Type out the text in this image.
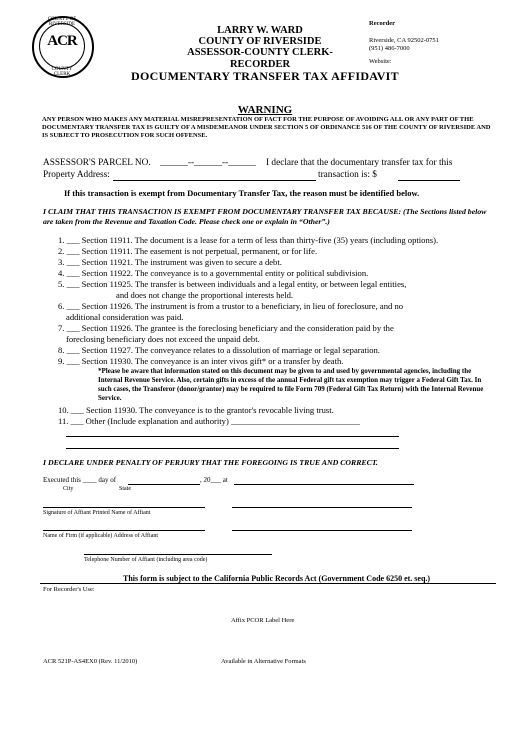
COUNTY OF RIVERSIDE
ACR
COUNTY CLERK
LARRY W. WARD
COUNTY OF RIVERSIDE
ASSESSOR-COUNTY CLERK-RECORDER
Recorder
Riverside, CA 92502-0751
(951) 486-7000
Website:
DOCUMENTARY TRANSFER TAX AFFIDAVIT
WARNING
ANY PERSON WHO MAKES ANY MATERIAL MISREPRESENTATION OF FACT FOR THE PURPOSE OF AVOIDING ALL OR ANY PART OF THE DOCUMENTARY TRANSFER TAX IS GUILTY OF A MISDEMEANOR UNDER SECTION 5 OF ORDINANCE 516 OF THE COUNTY OF RIVERSIDE AND IS SUBJECT TO PROSECUTION FOR SUCH OFFENSE.
ASSESSOR'S PARCEL NO. ______--______--______ I declare that the documentary transfer tax for this
Property Address:	transaction is: $
If this transaction is exempt from Documentary Transfer Tax, the reason must be identified below.
I CLAIM THAT THIS TRANSACTION IS EXEMPT FROM DOCUMENTARY TRANSFER TAX BECAUSE: (The Sections listed below are taken from the Revenue and Taxation Code. Please check one or explain in “Other”.)
1. ___ Section 11911. The document is a lease for a term of less than thirty-five (35) years (including options).
2. ___ Section 11911. The easement is not perpetual, permanent, or for life.
3. ___ Section 11921. The instrument was given to secure a debt.
4. ___ Section 11922. The conveyance is to a governmental entity or political subdivision.
5. ___ Section 11925. The transfer is between individuals and a legal entity, or between legal entities,
and does not change the proportional interests held.
6. ___ Section 11926. The instrument is from a trustor to a beneficiary, in lieu of foreclosure, and no
additional consideration was paid.
7. ___ Section 11926. The grantee is the foreclosing beneficiary and the consideration paid by the
foreclosing beneficiary does not exceed the unpaid debt.
8. ___ Section 11927. The conveyance relates to a dissolution of marriage or legal separation.
9. ___ Section 11930. The conveyance is an inter vivos gift* or a transfer by death.
*Please be aware that information stated on this document may be given to and used by governmental agencies, including the Internal Revenue Service. Also, certain gifts in excess of the annual Federal gift tax exemption may trigger a Federal Gift Tax. In such cases, the Transferor (donor/grantor) may be required to file Form 709 (Federal Gift Tax Return) with the Internal Revenue Service.
10. ___ Section 11930. The conveyance is to the grantor's revocable living trust.
11. ___ Other (Include explanation and authority) ______________________________
I DECLARE UNDER PENALTY OF PERJURY THAT THE FOREGOING IS TRUE AND CORRECT.
Executed this ____ day of	, 20___ at
City	State
Signature of Affiant Printed Name of Affiant
Name of Firm (if applicable) Address of Affiant
Telephone Number of Affiant (including area code)
This form is subject to the California Public Records Act (Government Code 6250 et. seq.)
For Recorder's Use:
Affix PCOR Label Here
ACR 521P-AS4EX0 (Rev. 11/2010)	Available in Alternative Formats
